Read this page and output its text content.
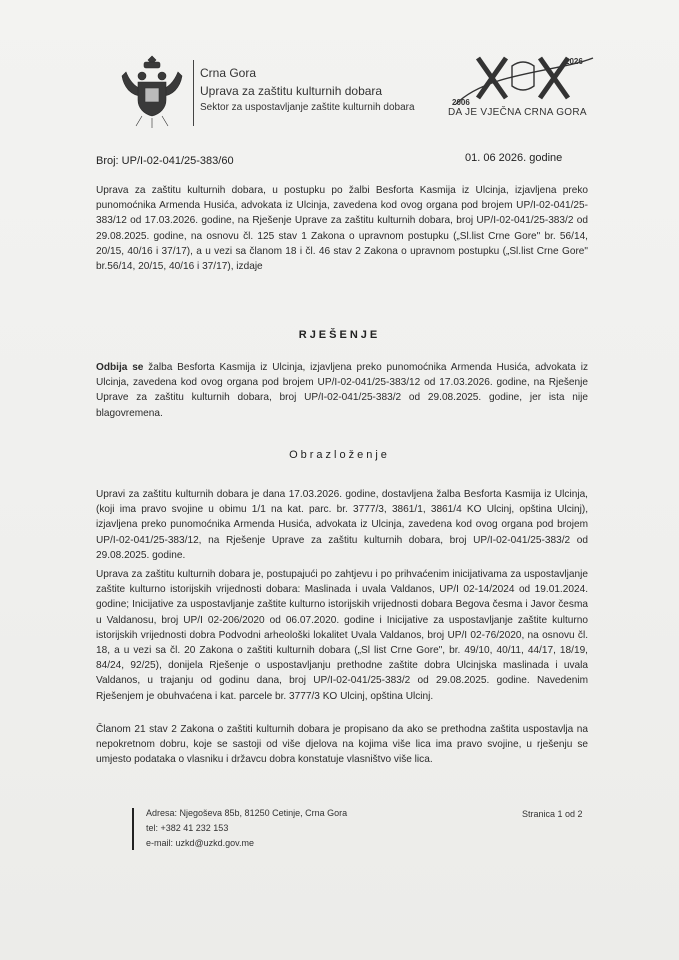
Crna Gora
Uprava za zaštitu kulturnih dobara
Sektor za uspostavljanje zaštite kulturnih dobara	2006
2026
DA JE VJEČNA CRNA GORA
Broj: UP/I-02-041/25-383/60	01. 06 2026. godine
Uprava za zaštitu kulturnih dobara, u postupku po žalbi Besforta Kasmija iz Ulcinja, izjavljena preko punomoćnika Armenda Husića, advokata iz Ulcinja, zavedena kod ovog organa pod brojem UP/I-02-041/25-383/12 od 17.03.2026. godine, na Rješenje Uprave za zaštitu kulturnih dobara, broj UP/I-02-041/25-383/2 od 29.08.2025. godine, na osnovu čl. 125 stav 1 Zakona o upravnom postupku („Sl.list Crne Gore" br. 56/14, 20/15, 40/16 i 37/17), a u vezi sa članom 18 i čl. 46 stav 2 Zakona o upravnom postupku („Sl.list Crne Gore" br.56/14, 20/15, 40/16 i 37/17), izdaje
RJEŠENJE
Odbija se žalba Besforta Kasmija iz Ulcinja, izjavljena preko punomoćnika Armenda Husića, advokata iz Ulcinja, zavedena kod ovog organa pod brojem UP/I-02-041/25-383/12 od 17.03.2026. godine, na Rješenje Uprave za zaštitu kulturnih dobara, broj UP/I-02-041/25-383/2 od 29.08.2025. godine, jer ista nije blagovremena.
Obrazloženje
Upravi za zaštitu kulturnih dobara je dana 17.03.2026. godine, dostavljena žalba Besforta Kasmija iz Ulcinja, (koji ima pravo svojine u obimu 1/1 na kat. parc. br. 3777/3, 3861/1, 3861/4 KO Ulcinj, opština Ulcinj), izjavljena preko punomoćnika Armenda Husića, advokata iz Ulcinja, zavedena kod ovog organa pod brojem UP/I-02-041/25-383/12, na Rješenje Uprave za zaštitu kulturnih dobara, broj UP/I-02-041/25-383/2 od 29.08.2025. godine.
Uprava za zaštitu kulturnih dobara je, postupajući po zahtjevu i po prihvaćenim inicijativama za uspostavljanje zaštite kulturno istorijskih vrijednosti dobara: Maslinada i uvala Valdanos, UP/I 02-14/2024 od 19.01.2024. godine; Inicijative za uspostavljanje zaštite kulturno istorijskih vrijednosti dobara Begova česma i Javor česma u Valdanosu, broj UP/I 02-206/2020 od 06.07.2020. godine i Inicijative za uspostavljanje zaštite kulturno istorijskih vrijednosti dobra Podvodni arheološki lokalitet Uvala Valdanos, broj UP/I 02-76/2020, na osnovu čl. 18, a u vezi sa čl. 20 Zakona o zaštiti kulturnih dobara („Sl list Crne Gore", br. 49/10, 40/11, 44/17, 18/19, 84/24, 92/25), donijela Rješenje o uspostavljanju prethodne zaštite dobra Ulcinjska maslinada i uvala Valdanos, u trajanju od godinu dana, broj UP/I-02-041/25-383/2 od 29.08.2025. godine. Navedenim Rješenjem je obuhvaćena i kat. parcele br. 3777/3 KO Ulcinj, opština Ulcinj.
Članom 21 stav 2 Zakona o zaštiti kulturnih dobara je propisano da ako se prethodna zaštita uspostavlja na nepokretnom dobru, koje se sastoji od više djelova na kojima više lica ima pravo svojine, u rješenju se umjesto podataka o vlasniku i državcu dobra konstatuje vlasništvo više lica.
Adresa: Njegoševa 85b, 81250 Cetinje, Crna Gora
tel: +382 41 232 153
e-mail: uzkd@uzkd.gov.me
Stranica 1 od 2
